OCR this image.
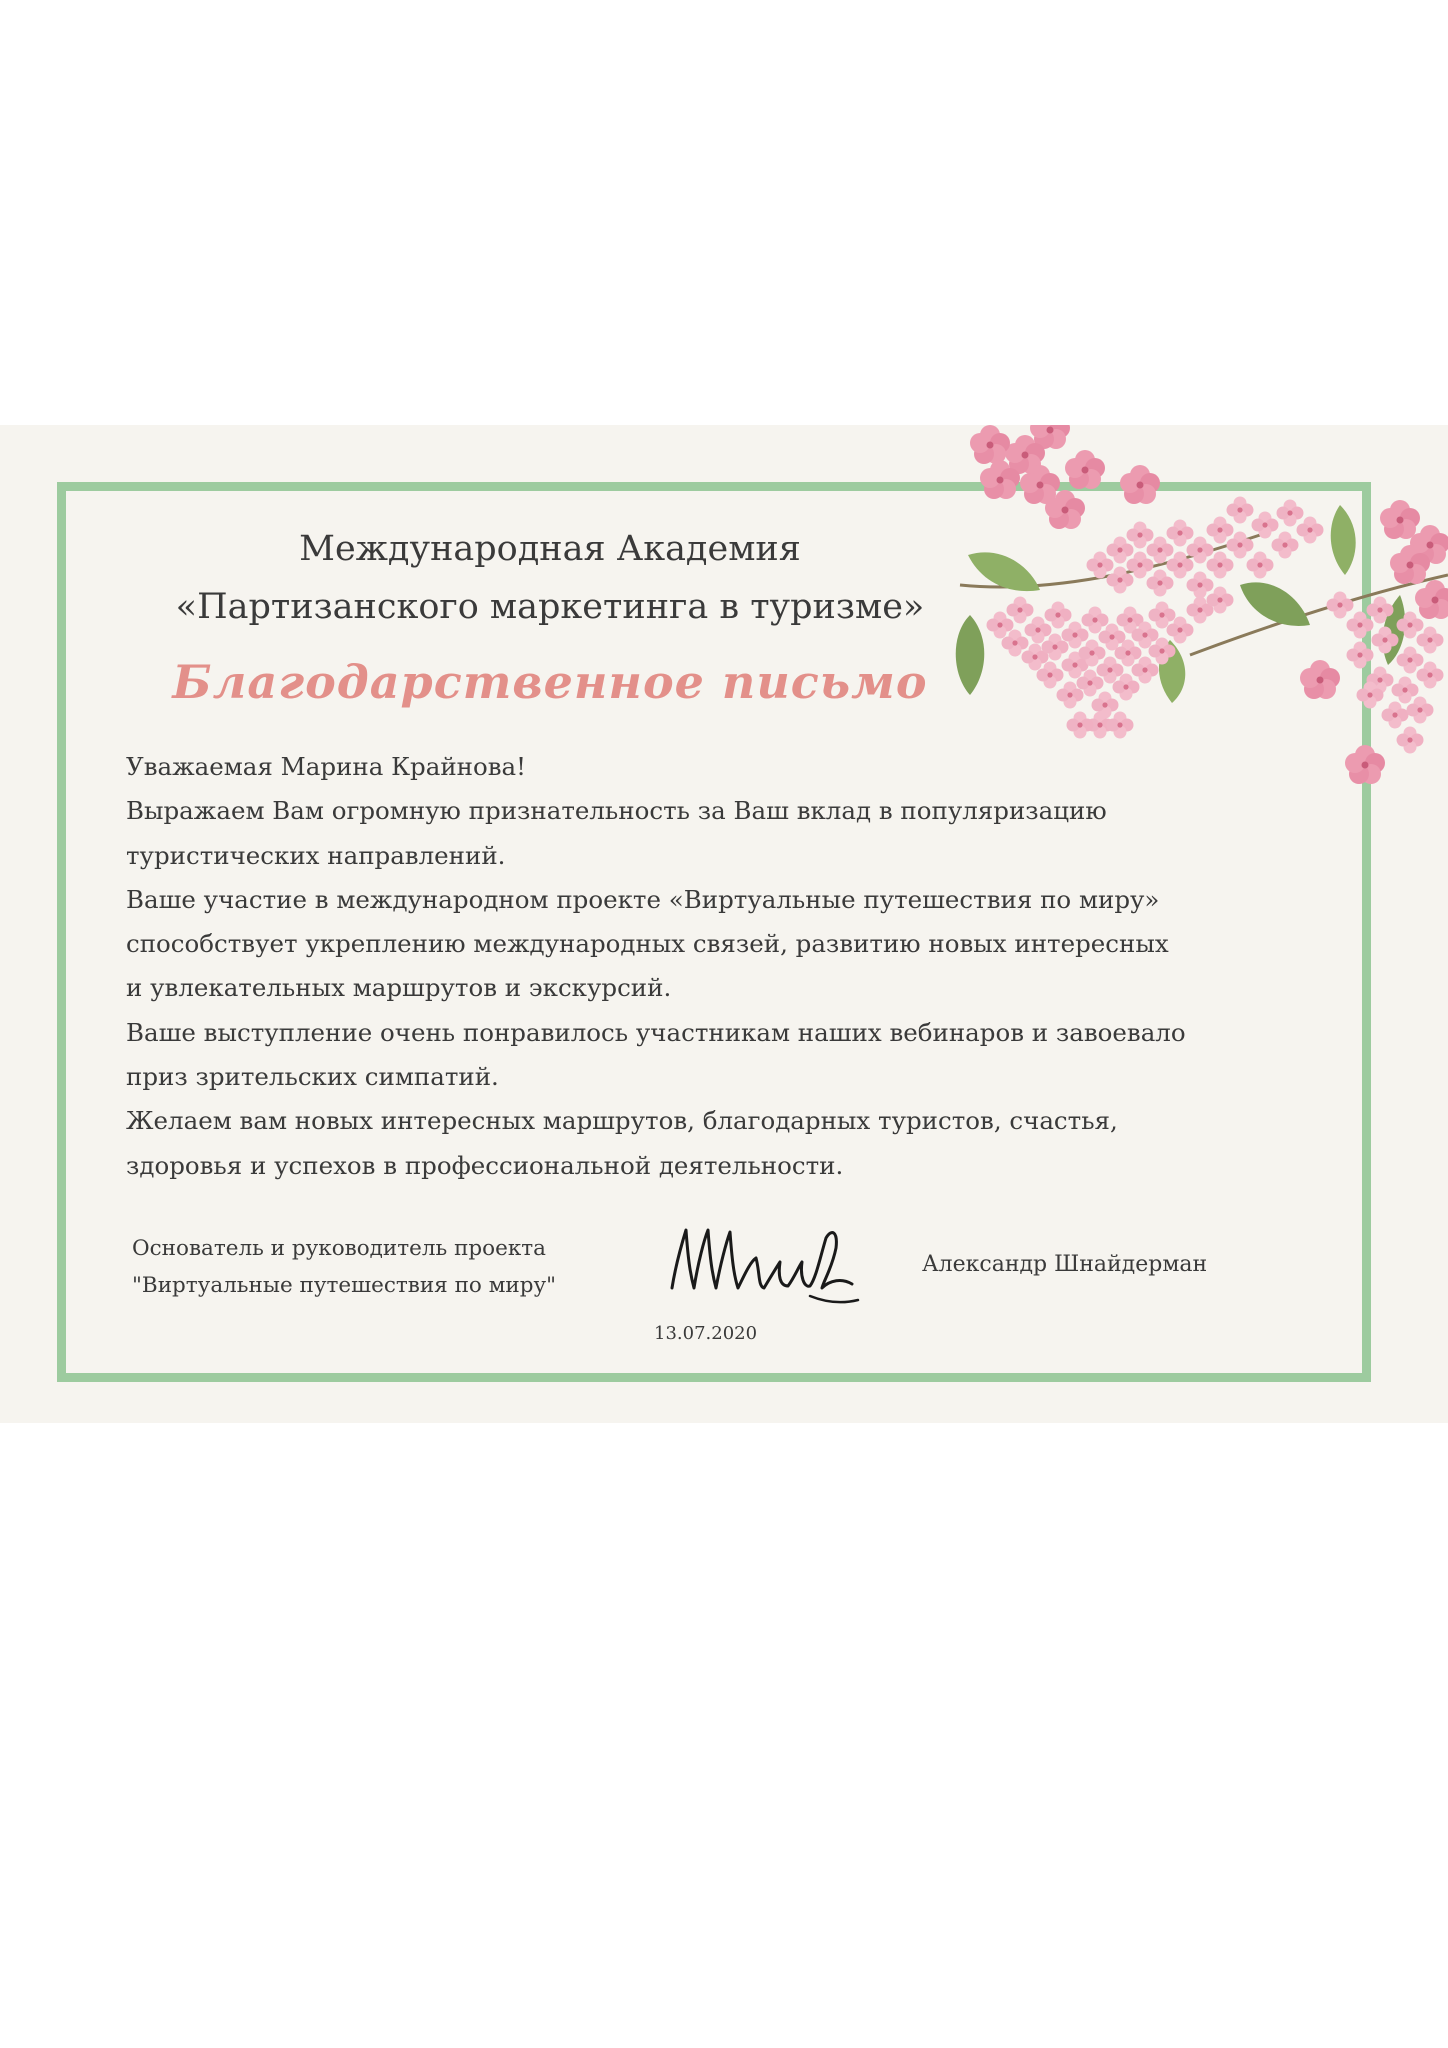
Международная Академия
«Партизанского маркетинга в туризме»
Благодарственное письмо

Уважаемая Марина Крайнова!

Выражаем Вам огромную признательность за Ваш вклад в популяризацию

туристических направлений.

Ваше участие в международном проекте «Виртуальные путешествия по миру»

способствует укреплению международных связей, развитию новых интересных

и увлекательных маршрутов и экскурсий.

Ваше выступление очень понравилось участникам наших вебинаров и завоевало

приз зрительских симпатий.

Желаем вам новых интересных маршрутов, благодарных туристов, счастья,

здоровья и успехов в профессиональной деятельности.

Основатель и руководитель проекта
"Виртуальные путешествия по миру"
Александр Шнайдерман
13.07.2020
